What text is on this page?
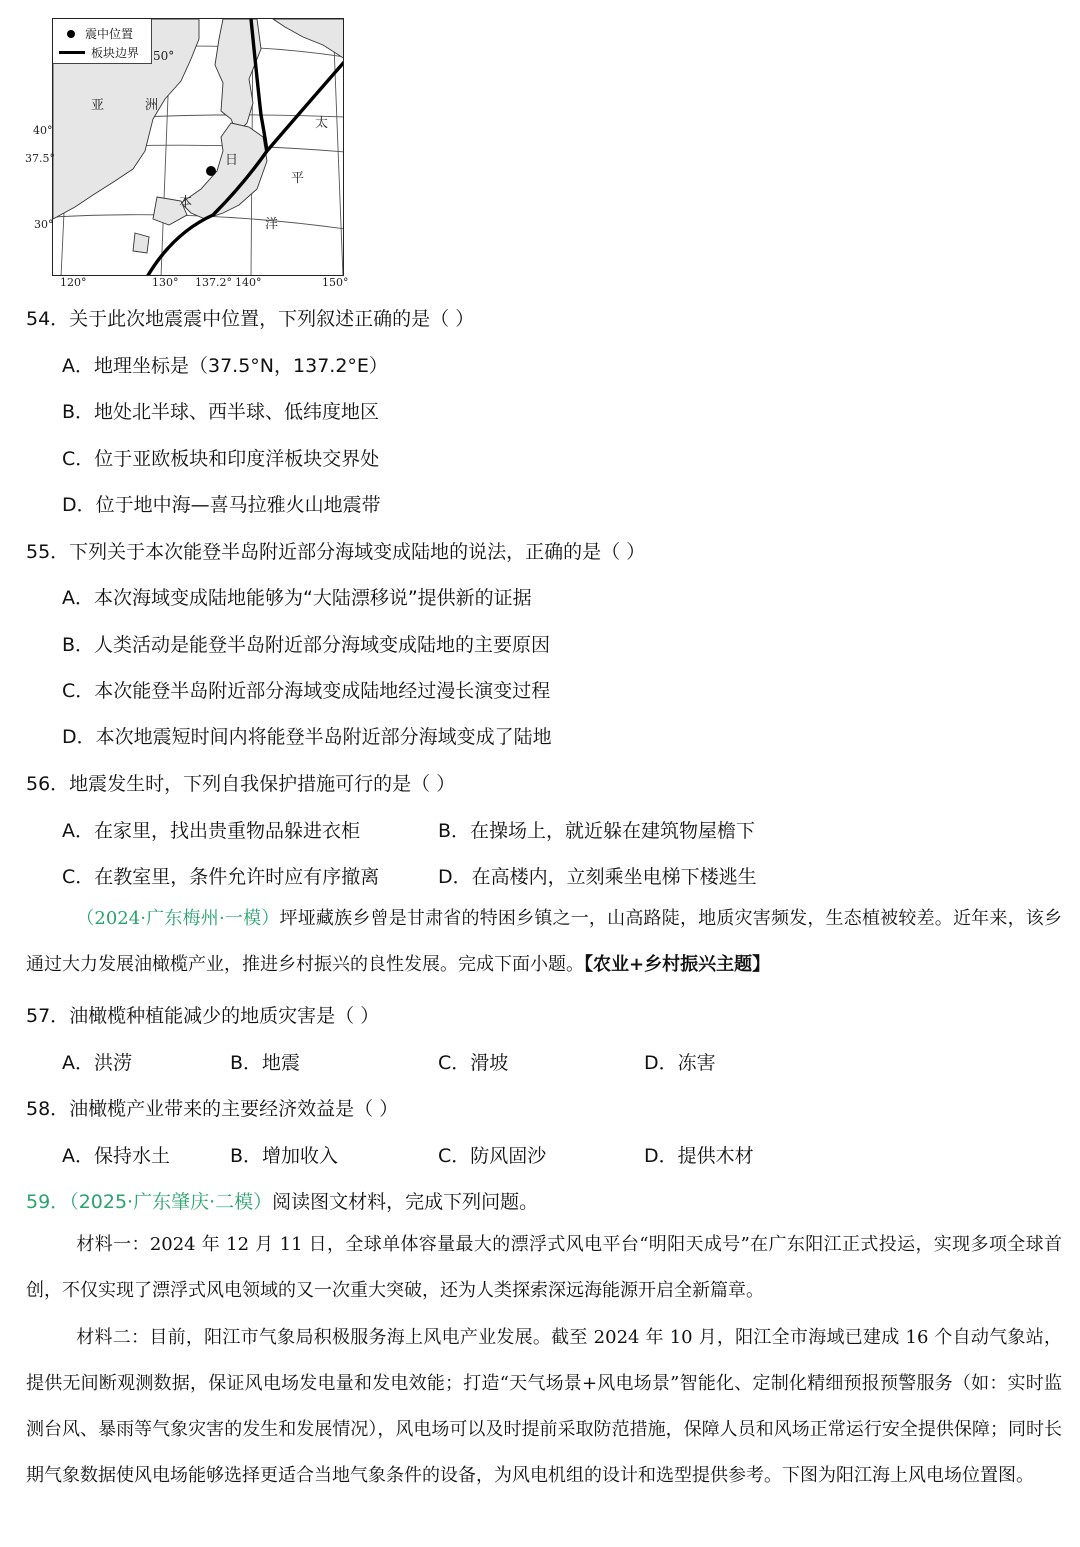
震中位置
板块边界 50°
亚	洲
日
本
太
平
洋
40°
37.5°
30°
120°	130° 137.2° 140°	150°
54．关于此次地震震中位置，下列叙述正确的是（ ）
A．地理坐标是（37.5°N，137.2°E）
B．地处北半球、西半球、低纬度地区
C．位于亚欧板块和印度洋板块交界处
D．位于地中海—喜马拉雅火山地震带
55．下列关于本次能登半岛附近部分海域变成陆地的说法，正确的是（ ）
A．本次海域变成陆地能够为“大陆漂移说”提供新的证据
B．人类活动是能登半岛附近部分海域变成陆地的主要原因
C．本次能登半岛附近部分海域变成陆地经过漫长演变过程
D．本次地震短时间内将能登半岛附近部分海域变成了陆地
56．地震发生时，下列自我保护措施可行的是（ ）
A．在家里，找出贵重物品躲进衣柜	B．在操场上，就近躲在建筑物屋檐下
C．在教室里，条件允许时应有序撤离	D．在高楼内，立刻乘坐电梯下楼逃生
（2024·广东梅州·一模）坪垭藏族乡曾是甘肃省的特困乡镇之一，山高路陡，地质灾害频发，生态植被较差。近年来，该乡通过大力发展油橄榄产业，推进乡村振兴的良性发展。完成下面小题。【农业+乡村振兴主题】
57．油橄榄种植能减少的地质灾害是（ ）
A．洪涝	B．地震	C．滑坡	D．冻害
58．油橄榄产业带来的主要经济效益是（ ）
A．保持水土	B．增加收入	C．防风固沙	D．提供木材
59．（2025·广东肇庆·二模）阅读图文材料，完成下列问题。
材料一：2024 年 12 月 11 日，全球单体容量最大的漂浮式风电平台“明阳天成号”在广东阳江正式投运，实现多项全球首创，不仅实现了漂浮式风电领域的又一次重大突破，还为人类探索深远海能源开启全新篇章。
材料二：目前，阳江市气象局积极服务海上风电产业发展。截至 2024 年 10 月，阳江全市海域已建成 16 个自动气象站，提供无间断观测数据，保证风电场发电量和发电效能；打造“天气场景+风电场景”智能化、定制化精细预报预警服务（如：实时监测台风、暴雨等气象灾害的发生和发展情况），风电场可以及时提前采取防范措施，保障人员和风场正常运行安全提供保障；同时长期气象数据使风电场能够选择更适合当地气象条件的设备，为风电机组的设计和选型提供参考。下图为阳江海上风电场位置图。
